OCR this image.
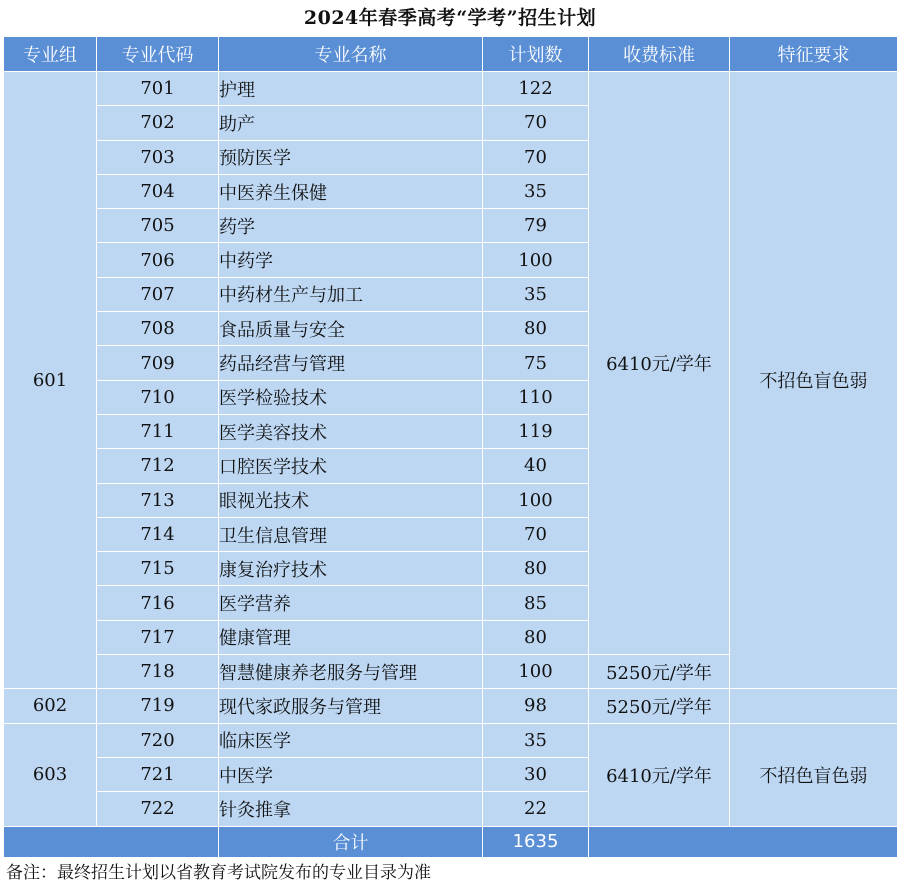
2024年春季高考“学考”招生计划
专业组	专业代码	专业名称	计划数	收费标准	特征要求
601	701	护理	122	6410元/学年	不招色盲色弱
	702	助产	70		
	703	预防医学	70		
	704	中医养生保健	35		
	705	药学	79		
	706	中药学	100		
	707	中药材生产与加工	35		
	708	食品质量与安全	80		
	709	药品经营与管理	75		
	710	医学检验技术	110		
	711	医学美容技术	119		
	712	口腔医学技术	40		
	713	眼视光技术	100		
	714	卫生信息管理	70		
	715	康复治疗技术	80		
	716	医学营养	85		
	717	健康管理	80		
	718	智慧健康养老服务与管理	100	5250元/学年	
602	719	现代家政服务与管理	98	5250元/学年	
603	720	临床医学	35	6410元/学年	不招色盲色弱
	721	中医学	30		
	722	针灸推拿	22		
		合计	1635		
备注：最终招生计划以省教育考试院发布的专业目录为准
